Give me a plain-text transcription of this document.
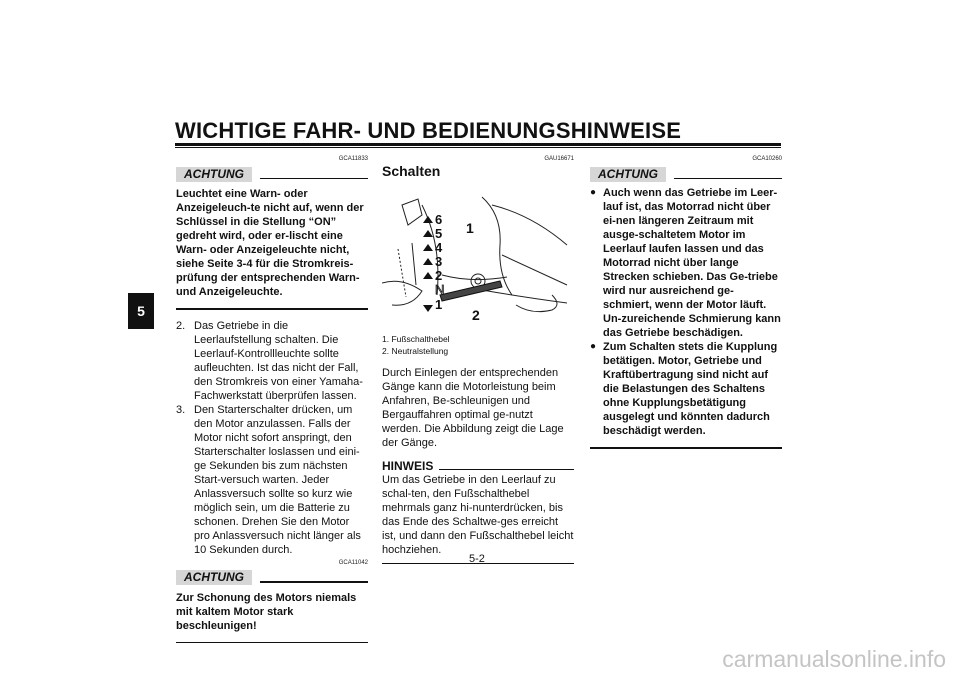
WICHTIGE FAHR- UND BEDIENUNGSHINWEISE
5
GCA11833
ACHTUNG
Leuchtet eine Warn- oder Anzeigeleuch-te nicht auf, wenn der Schlüssel in die Stellung “ON” gedreht wird, oder er-lischt eine Warn- oder Anzeigeleuchte nicht, siehe Seite 3-4 für die Stromkreis-prüfung der entsprechenden Warn- und Anzeigeleuchte.
2. Das Getriebe in die Leerlaufstellung schalten. Die Leerlauf-Kontrollleuchte sollte aufleuchten. Ist das nicht der Fall, den Stromkreis von einer Yamaha-Fachwerkstatt überprüfen lassen.
3. Den Starterschalter drücken, um den Motor anzulassen. Falls der Motor nicht sofort anspringt, den Starterschalter loslassen und eini-ge Sekunden bis zum nächsten Start-versuch warten. Jeder Anlassversuch sollte so kurz wie möglich sein, um die Batterie zu schonen. Drehen Sie den Motor pro Anlassversuch nicht länger als 10 Sekunden durch.
GCA11042
ACHTUNG
Zur Schonung des Motors niemals mit kaltem Motor stark beschleunigen!
GAU16671
Schalten
6
5
4
3
2
N
1
1
2
1. Fußschalthebel
2. Neutralstellung
Durch Einlegen der entsprechenden Gänge kann die Motorleistung beim Anfahren, Be-schleunigen und Bergauffahren optimal ge-nutzt werden. Die Abbildung zeigt die Lage der Gänge.
HINWEIS
Um das Getriebe in den Leerlauf zu schal-ten, den Fußschalthebel mehrmals ganz hi-nunterdrücken, bis das Ende des Schaltwe-ges erreicht ist, und dann den Fußschalthebel leicht hochziehen.
GCA10260
ACHTUNG
● Auch wenn das Getriebe im Leer-lauf ist, das Motorrad nicht über ei-nen längeren Zeitraum mit ausge-schaltetem Motor im Leerlauf laufen lassen und das Motorrad nicht über lange Strecken schieben. Das Ge-triebe wird nur ausreichend ge-schmiert, wenn der Motor läuft. Un-zureichende Schmierung kann das Getriebe beschädigen.
● Zum Schalten stets die Kupplung betätigen. Motor, Getriebe und Kraftübertragung sind nicht auf die Belastungen des Schaltens ohne Kupplungsbetätigung ausgelegt und könnten dadurch beschädigt werden.
5-2
carmanualsonline.info
